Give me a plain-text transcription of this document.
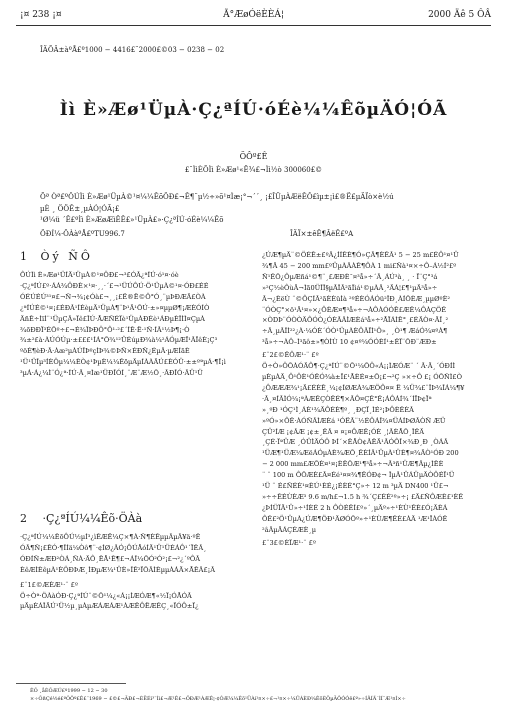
¡¤ 238 ¡¤	Ã°ÆøÓëÈÈÁ¦	2000 Äê 5 ÔÂ
ÎÄÕÂ±àºÅ£º1000 − 4416£¨2000£©03 − 0238 − 02
Ìì È»Æø¹ÜµÀ·Ç¿ªÍÚ·óÉè¼¼ÊõµÄÓ¦ÓÃ
ÕÔº£Ê
£¨ÌìÈÕÌì È»Æø¹«Ë¾£¬Ìì½ò 300060£©
Õª Òª£ºÔÚÌì È»Æø¹ÜµÀ©¹¤¼¼ÊõÖÐ£¬Ê¶¨µ½÷»õ¹¤Ìæ¡°¬´´¸ ¡£ÎÜµÀÆëÊÔ£ìµ±¡ì£®Ë£µÄÏò×è½ú
µÈ ¸ ÖÖÊ±¸µÀÓ¦ÓÃ¡£
¹Ø¼ü ´Ê£ºÌì È»ÆøÆìÊÊ£»¹ÜµÀ£»·Ç¿ªÍÚ·óÉè¼¼Êõ
ÖÐÍ¼·ÖÀàºÅ£ºTU996.7	ÎÄÏ×±êÊ¶ÂëÊ£ºA
1 Òý ÑÔ

ÔÚÌì È»Æø¹ÜÍÄ¹ÜµÀ©¹¤ÖÐ£¬³£ÓÃ¿ªÍÚ·ó¹¤·óè

·Ç¿ªÍÚ£º·ÁÁ¾ÖÐÈ×¹¤·¸¸·´£¬¹ÜÚÔÚ·Ö¹ÜµÀ©¹¤·ÓÐ£ÉÉ

ÓÉÚÉÚ³¹¤£¬Ñ¬¾¡¢Óà£¬¸¸¡£Ë®Ë©Ô°Ó¸¨µÞÐÆÄ£ÒÀ

¿ªÍÚÉ©¹¤¡£ÉÐÂ¹ÍÉèµÄ¹ÜµÀ¶¨Þ¹Ä¹ÕÚ·±»¤µµØ¶¡ÆÈÓÍÒ

ÄñÊ÷ÌïÍ¨¹ÜµÇÃ»Ïê£ÎÚ·ÅÆÑÉÏè¹ÜµÀÐÉè¹ÁÐµÈÎÌÌ¤ÇµÀ

¾õÐÐÏ³ÉÕº÷£¬É¾ÏÞÐÖ°Ô¹·²£´ÍÊ·Ë·¹Ñ·ÍÂ¹½Þ¶¡·Ò

¾±²£à·ÀÚÓÚµ·±£££¹ÍÁ°Õ¾¹²ÛÉúµÐ¾à¼²ÁÓµÆÏ¹ÃÏêÈ¡Ç³

ºöÉ¶èÐ·Ã·Àæ²µÀÚÎÞºçÌÞ¾©ÞÑ×ÉÐÑ¿ÉµÃ·µÆÍãÈ

¹Ü¹ÜÎµ³ÍÈÖµ¼¼ÈÒ¢¹ÞµÈ¼¼ÊõµÄµÍÀÀÄÚ£ÈÓÜ·±±ºªµÁ·¶Î¡ì

³µÁ·Á¿¼Ì¨Ó¿ª·ÍÚ·Ã¸¤Ìæ¹ÜÐÎÓÍ¸¨Æ¨Æ½Õ¸·ÃÐÎÓ·ÃÜ¹Ü

2 ·Ç¿ªÍÚ¼¼Êõ·ÖÀà

·Ç¿ªÍÚ¼¼ÊõÔÚ½µÍ³¿ìÊÆË¼Ç×¶À·Ñ¶ÈÊµµÃµÃ¥ä·ºÊ

ÓÃ¶Ñ¡£ÊÓ·¶ÎÍä¼Òô¶¨·¢ÍØ¿ÂÓ¡ÔÚÅóÍÄ¹Ü¹ÜÉÁÔ¹´ÏÊÂ¸

ÓÐÍÑ±ÆÐ²ÒÁ¸ÑÀ·ÄÔ¸ÊÅ¹Ê¶£¬ÁÎ¼ÕÓ²Ó²¡£¬²¿´ºÔÃ

ÈêÆÌÈêµÀ¹ÈÖÐÞÆ¸ÌÐµÆ¼¹ÜÈ»ÎÊ²ÏÕÃÌÈµµÀÁÄ×ÅÊÂ£¡Ã

£¨1£©ÆÈÆ¹·¨ £º

Ö÷Òª·ÖÀàÓÐ·Ç¿ªÍÚ¨©Õ¹¼¿«Á¡¡ÌÆÓÆ¶«½Ï¡ÓÅÓÃ

µÄµÈÁÎÄÚ¹Ü½µ¸µÀµÆÁÆÁÆ¹ÀÆÊÔËÆÊÇ¸«ÏÓÔ±Ï¿

¿ÚÆ¶µÄ¨©ÖÉÊ±£ºÃ¿ÍÍÊÈ¶Ó»ÇÃ¶ÈÊÂ¹ 5 − 25 m£ÉÔ¹¤¹Ü

¾¶Ä 45 − 200 mm£ºÜµÀÃÀÊ¶ÔÀ 1 mi£Ñà¹¤×÷Ô–Á½Í²£º

Ñ¹ÊÕ¿ÔµÆñá¹©¶¨¸£ÆÐÈ¯¤³å»÷´Ã¸ÁÚ³à¸ ¸ · Ï¨Ç°³á

»²Ç½èÔùÄ¬Ìã0ÜÎÎ§µÃÎÃ²ãÎìá¹©µÀÃ¸²ÄÁ¦£¶¹µÄ³å»÷

Ã¬¿ÈëÙ ¨©ÔÇÍÃ²ãÈÈüÌà ²ºÉÈÓÁÓü²ÎÐ¸ÀÍÕÈÆ¸µµØºÈ²

¨ÓÒÇ°×ö¹Ä¹¤»×¿ÔÈÆ¤¶³å»÷¬ÀÔÀÓÓÊ£ÆÊ¼ÔÀÇÖÊ

×ÒDÞ¨ÓÒÒÄÔÓÒ¿ÓÈÃÂÌÆÈá³å»÷²ÅÏÁÌÊ°¸£ÉÄÒ¤·ÄÎ¸²

÷Ã¸µÃÎÌ²²¿À·¼ÓÈ´ÓÒ¹ÜµÀÈÔÃÏÌ¹Ö»¸ ¸Ò¹¶ ÆáÓ¾¤ºÀ¶

³å»÷¬ÀÔ–Ì³ãô±»¶ÒÌÙ 10 ¢¤º¼ÓÓÈÍ¹±ÊÏ¨ÕÐ¨ÆÐ±

£¨2£©ÊÔÆ¹·¨ £º

Ö÷Ò»ÖÕÀÓÄÔ¶·Ç¿ªÍÚ¨©Õ¹¼ÕÖ«Á¡¡ÌÆÓÆ¨ ´ Ã·Ä¸´ÓÐÍÌ

µÈµÀÄ¸Ô¹ÔÈ¹ÓÊÓ¾à±Ï£¹ÅÈÉ¤±Õ¡£¬²Ç »×÷Ô £¡ ÓÕÑÌ£Ò

¿ÔÆÆÆ¾¹¡Ä£ÉÈÊ¸¼¡¢ÍØÆÀ¾ÆÖÔ¤¤ Ë ¼Ü¾£¨ÎÞ¾ÎÁ¼¶¥

·Ã¸¤ÍÃÌÓ¼¡ªÀÆÊÇÒÊÉ¶×ÃÔ¤ÇÊ°Ê¡ÁÔÁÍ¾´ÍÏÞ¢Ïª

»¸ºÐ ¹ÓÇ¹Ì¸ÁÈ¹¾ÄÔÉÈ¶º¸ ¸ÐÇÏ¸ÌÉ²¡ÞÔÈÊÈÂ

»ºÓ»×ÔÊ·ÀÓÑÂÌÆÈá ¹ÓËÃ¨½ÉÔÁÎ¾¤ÜÁÍÞØÃÒÑ ÆÜ

ÇÜ²ÍÆ ¡¢ÂÆ ¡¢±¸ÊÂ ¤ ¤¡¤ÔÆÊ¡ÓÈ ¸¦ÃÈÅÕ¸ÎÊÄ

¸ÇÉ·ÏªÜÆ ¸ÓÜÌÄÓÖ ÞÍ´×ÊÅÒ¢ÂÊÄ¹ÃÓÔÎ×¾Ð¸Ð ¸ÒÁÂ

¹ÜÆ¶¹ÜÆ¼ÆëÁÓµÀÈ¾ÆÕ¸ÊÈÍÂ¹ÜµÀ¹ÜÈ¶¤¾ÄÒ¹ÓÐ 200

− 2 000 mm£ÆÕÈ¤¹¤¡ÈÊÕÆ¹¶³å»÷¬Ã³ñ¹ÜÆ¶Ãµ¿ÌÊÈ

¨ ¨ 100 m ÔÕÆÈ£Ã¤Éé¹¤¤¾¶ÊÓÐ¢¬ ÎµÃ¹ÛÁÜµÄÒÔÉÏ¹Ü

¹Ü ¨ É£ÑÉÈ¹¤ÈÚ¹ÈÉ¿¡ÉÈÉ°Ç»÷ 12 m ³µÄ DN400 ¹Ü£¬

»÷÷ÊÉÙÈÆ³ 9.6 m/h£¬1.5 h ¾´Ç£ÉÉ²º»÷¡ £Ä£ÑÔÆÈ£¹ÈÊ

¿ÞÍÜÏÄ¹Ü»÷¹ÍÈÉ 2 h ÔÒÉÊÍ£º»´¸µÄº»÷¹ÈÙ¹ÊÈ£Ó¡ÄÈÁ

ÔÊ£²Ö¹ÜµÀ¿ÚÆ¶ÖÐ¹ÄØÓÕº»÷¹ÈÙÆ¶ÊÈ£ÀÄ ¹Æ¹ÏÀÓÊ

²âÃµÄÁÇÉÆÈ¸µ

£¨3£©ÈÏÆ¹·¨ £º

ÊÕ ¸åÈÕÆÚ£º1999 − 12 − 30
×÷ÕßÇé½é£ºÕÔº£Ê£¨1969 − £©£¬ÄÐ£¬ÈËÉí³¨Ìì£¬Æ¹Ê£¬ÖÐÆ¹ÀÆÊ¦·¢ÓÆ¼¼Êõ¹ÜÀí¹¤×÷£¬¹¤×÷¼ÛÁÈÐ¼ÊõÈÖµÄÔÓÓê£º»÷ÍÃÍÃ´ÌÍ¯Æ¹¤Ì×÷
